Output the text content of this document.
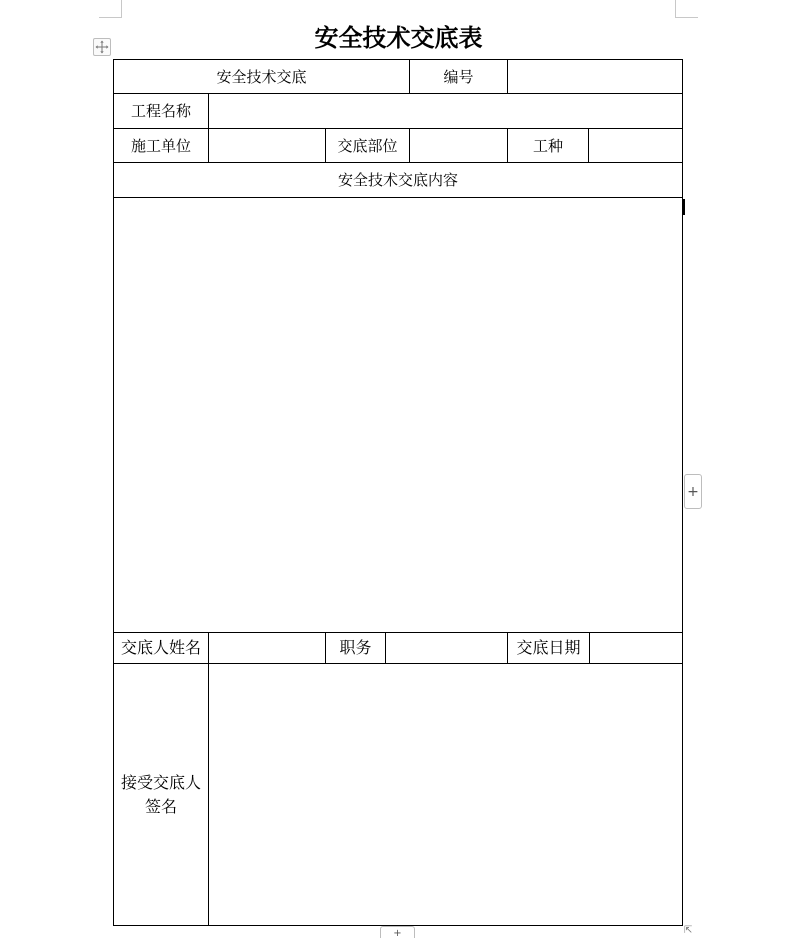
安全技术交底表
安全技术交底	编号
工程名称
施工单位	交底部位	工种
安全技术交底内容
交底人姓名	职务	交底日期
接受交底人签名
+
+	⇱
